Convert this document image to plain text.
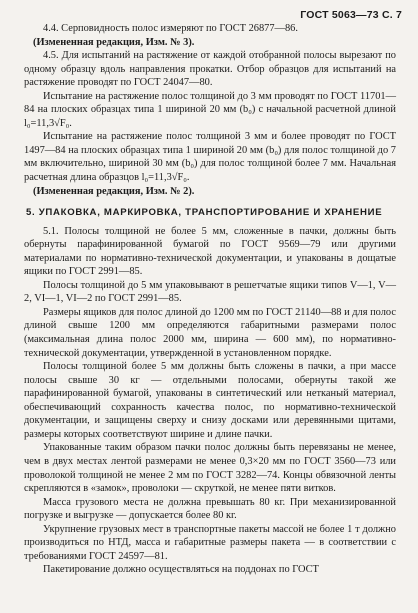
ГОСТ 5063—73 С. 7

4.4. Серповидность полос измеряют по ГОСТ 26877—86.

(Измененная редакция, Изм. № 3).

4.5. Для испытаний на растяжение от каждой отобранной полосы вырезают по одному образцу вдоль направления прокатки. Отбор образцов для испытаний на растяжение проводят по ГОСТ 24047—80.

Испытание на растяжение полос толщиной до 3 мм проводят по ГОСТ 11701—84 на плоских образцах типа 1 шириной 20 мм (b₀) с начальной расчетной длиной l₀=11,3√F₀.

Испытание на растяжение полос толщиной 3 мм и более проводят по ГОСТ 1497—84 на плоских образцах типа 1 шириной 20 мм (b₀) для полос толщиной до 7 мм включительно, шириной 30 мм (b₀) для полос толщиной более 7 мм. Начальная расчетная длина образцов l₀=11,3√F₀.

(Измененная редакция, Изм. № 2).

5. УПАКОВКА, МАРКИРОВКА, ТРАНСПОРТИРОВАНИЕ И ХРАНЕНИЕ

5.1. Полосы толщиной не более 5 мм, сложенные в пачки, должны быть обернуты парафинированной бумагой по ГОСТ 9569—79 или другими материалами по нормативно-технической документации, и упакованы в дощатые ящики по ГОСТ 2991—85.

Полосы толщиной до 5 мм упаковывают в решетчатые ящики типов V—1, V—2, VI—1, VI—2 по ГОСТ 2991—85.

Размеры ящиков для полос длиной до 1200 мм по ГОСТ 21140—88 и для полос длиной свыше 1200 мм определяются габаритными размерами полос (максимальная длина полос 2000 мм, ширина — 600 мм), по нормативно-технической документации, утвержденной в установленном порядке.

Полосы толщиной более 5 мм должны быть сложены в пачки, а при массе полосы свыше 30 кг — отдельными полосами, обернуты такой же парафинированной бумагой, упакованы в синтетический или нетканый материал, обеспечивающий сохранность качества полос, по нормативно-технической документации, и защищены сверху и снизу досками или деревянными щитами, размеры которых соответствуют ширине и длине пачки.

Упакованные таким образом пачки полос должны быть перевязаны не менее, чем в двух местах лентой размерами не менее 0,3×20 мм по ГОСТ 3560—73 или проволокой толщиной не менее 2 мм по ГОСТ 3282—74. Концы обвязочной ленты скрепляются в «замок», проволоки — скруткой, не менее пяти витков.

Масса грузового места не должна превышать 80 кг. При механизированной погрузке и выгрузке — допускается более 80 кг.

Укрупнение грузовых мест в транспортные пакеты массой не более 1 т должно производиться по НТД, масса и габаритные размеры пакета — в соответствии с требованиями ГОСТ 24597—81.

Пакетирование должно осуществляться на поддонах по ГОСТ
